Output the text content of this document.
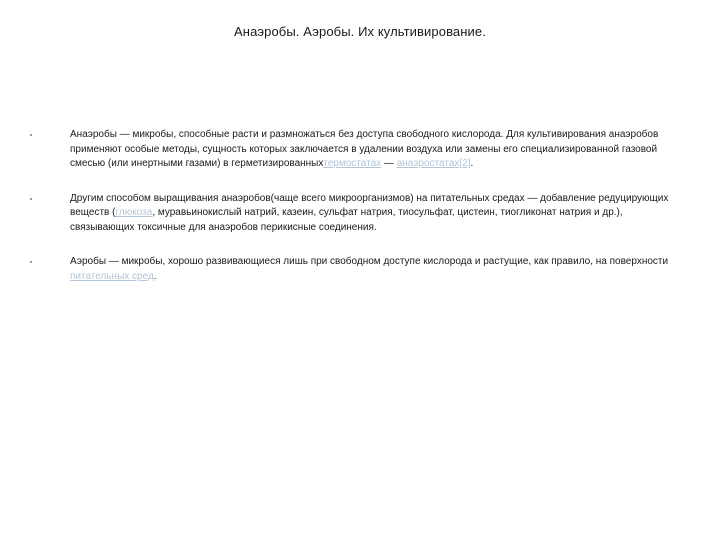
Анаэробы. Аэробы. Их культивирование.
Анаэробы — микробы, способные расти и размножаться без доступа свободного кислорода. Для культивирования анаэробов применяют особые методы, сущность которых заключается в удалении воздуха или замены его специализированной газовой смесью (или инертными газами) в герметизированныхтермостатах — анаэростатах[2].
Другим способом выращивания анаэробов(чаще всего микроорганизмов) на питательных средах — добавление редуцирующих веществ (глюкоза, муравьинокислый натрий, казеин, сульфат натрия, тиосульфат, цистеин, тиогликонат натрия и др.), связывающих токсичные для анаэробов перикисные соединения.
Аэробы — микробы, хорошо развивающиеся лишь при свободном доступе кислорода и растущие, как правило, на поверхности питательных сред.
